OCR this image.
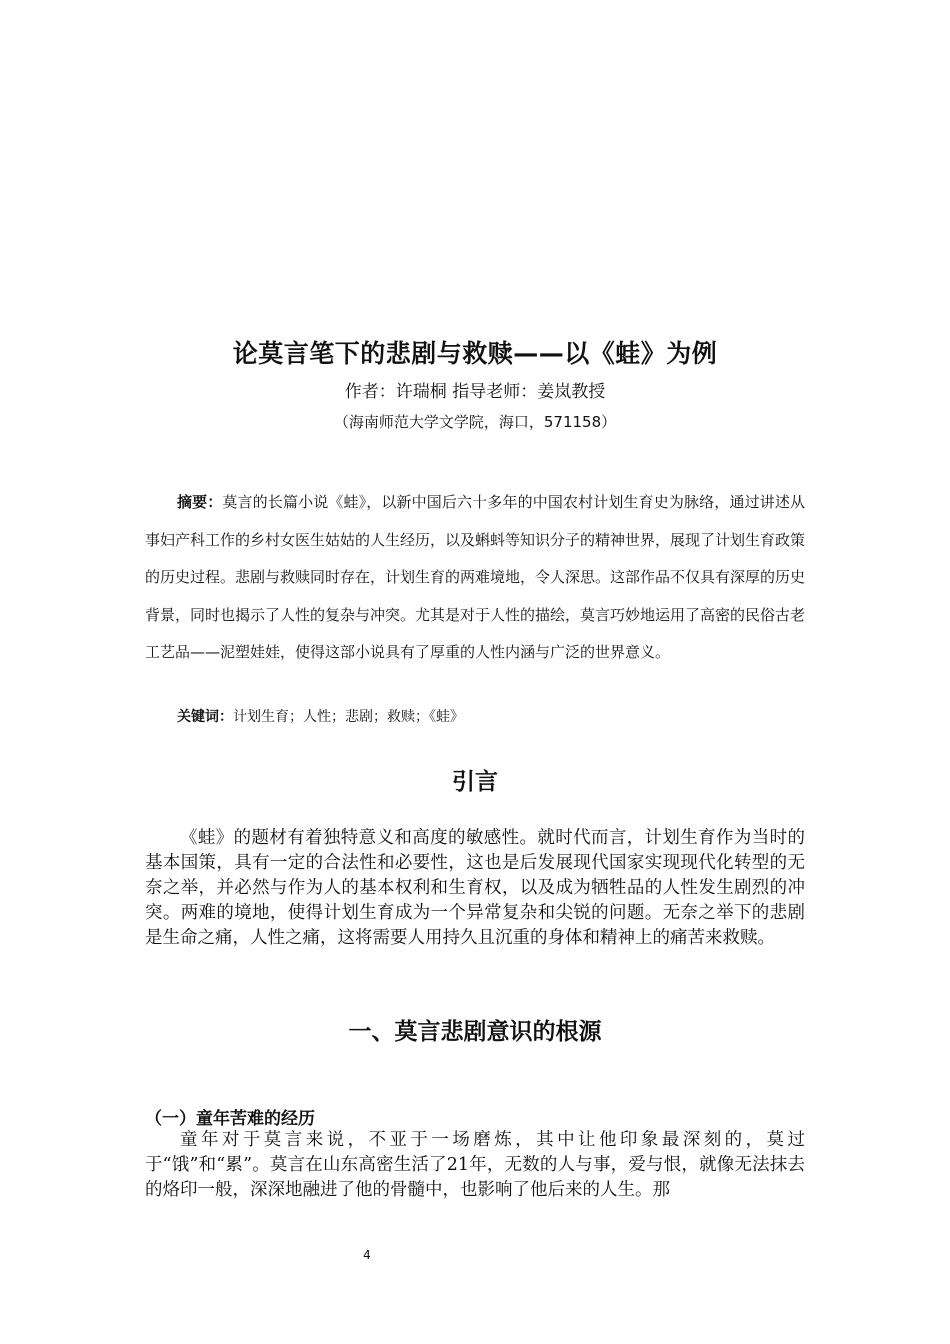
论莫言笔下的悲剧与救赎——以《蛙》为例
作者：许瑞桐 指导老师：姜岚教授
（海南师范大学文学院，海口，571158）
摘要：莫言的长篇小说《蛙》，以新中国后六十多年的中国农村计划生育史为脉络，通过讲述从事妇产科工作的乡村女医生姑姑的人生经历，以及蝌蚪等知识分子的精神世界，展现了计划生育政策的历史过程。悲剧与救赎同时存在，计划生育的两难境地，令人深思。这部作品不仅具有深厚的历史背景，同时也揭示了人性的复杂与冲突。尤其是对于人性的描绘，莫言巧妙地运用了高密的民俗古老工艺品——泥塑娃娃，使得这部小说具有了厚重的人性内涵与广泛的世界意义。
关键词：计划生育；人性；悲剧；救赎；《蛙》
引言
《蛙》的题材有着独特意义和高度的敏感性。就时代而言，计划生育作为当时的基本国策，具有一定的合法性和必要性，这也是后发展现代国家实现现代化转型的无奈之举，并必然与作为人的基本权利和生育权，以及成为牺牲品的人性发生剧烈的冲突。两难的境地，使得计划生育成为一个异常复杂和尖锐的问题。无奈之举下的悲剧是生命之痛，人性之痛，这将需要人用持久且沉重的身体和精神上的痛苦来救赎。
一、莫言悲剧意识的根源
（一）童年苦难的经历
童年对于莫言来说，不亚于一场磨炼，其中让他印象最深刻的，莫过于“饿”和“累”。莫言在山东高密生活了21年，无数的人与事，爱与恨，就像无法抹去的烙印一般，深深地融进了他的骨髓中，也影响了他后来的人生。那
4
